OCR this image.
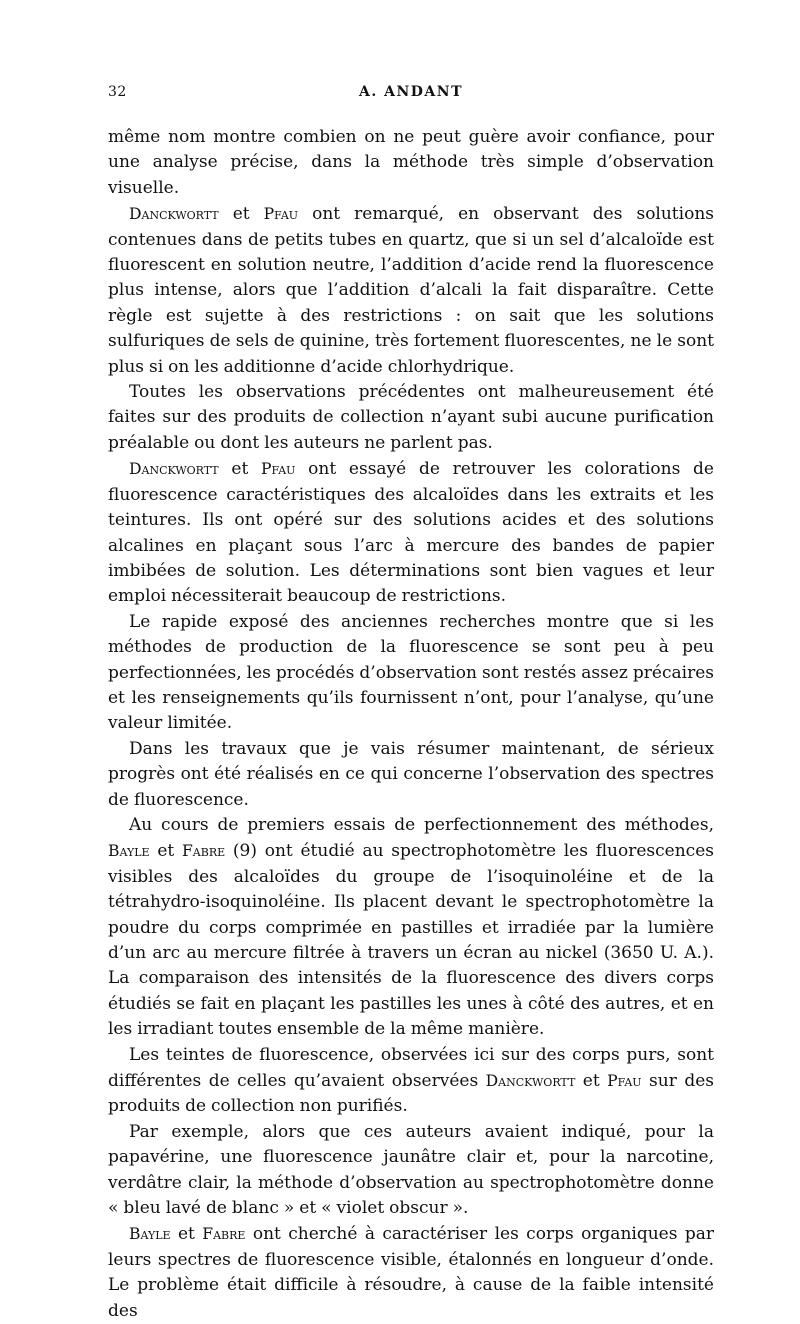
32	A. ANDANT

même nom montre combien on ne peut guère avoir confiance, pour une analyse précise, dans la méthode très simple d’observation visuelle.

Danckwortt et Pfau ont remarqué, en observant des solutions contenues dans de petits tubes en quartz, que si un sel d’alcaloïde est fluorescent en solution neutre, l’addition d’acide rend la fluorescence plus intense, alors que l’addition d’alcali la fait disparaître. Cette règle est sujette à des restrictions : on sait que les solutions sulfuriques de sels de quinine, très fortement fluorescentes, ne le sont plus si on les additionne d’acide chlorhydrique.

Toutes les observations précédentes ont malheureusement été faites sur des produits de collection n’ayant subi aucune purification préalable ou dont les auteurs ne parlent pas.

Danckwortt et Pfau ont essayé de retrouver les colorations de fluorescence caractéristiques des alcaloïdes dans les extraits et les teintures. Ils ont opéré sur des solutions acides et des solutions alcalines en plaçant sous l’arc à mercure des bandes de papier imbibées de solution. Les déterminations sont bien vagues et leur emploi nécessiterait beaucoup de restrictions.

Le rapide exposé des anciennes recherches montre que si les méthodes de production de la fluorescence se sont peu à peu perfectionnées, les procédés d’observation sont restés assez précaires et les renseignements qu’ils fournissent n’ont, pour l’analyse, qu’une valeur limitée.

Dans les travaux que je vais résumer maintenant, de sérieux progrès ont été réalisés en ce qui concerne l’observation des spectres de fluorescence.

Au cours de premiers essais de perfectionnement des méthodes, Bayle et Fabre (9) ont étudié au spectrophotomètre les fluorescences visibles des alcaloïdes du groupe de l’isoquinoléine et de la tétrahydro-isoquinoléine. Ils placent devant le spectrophotomètre la poudre du corps comprimée en pastilles et irradiée par la lumière d’un arc au mercure filtrée à travers un écran au nickel (3650 U. A.). La comparaison des intensités de la fluorescence des divers corps étudiés se fait en plaçant les pastilles les unes à côté des autres, et en les irradiant toutes ensemble de la même manière.

Les teintes de fluorescence, observées ici sur des corps purs, sont différentes de celles qu’avaient observées Danckwortt et Pfau sur des produits de collection non purifiés.

Par exemple, alors que ces auteurs avaient indiqué, pour la papavérine, une fluorescence jaunâtre clair et, pour la narcotine, verdâtre clair, la méthode d’observation au spectrophotomètre donne « bleu lavé de blanc » et « violet obscur ».

Bayle et Fabre ont cherché à caractériser les corps organiques par leurs spectres de fluorescence visible, étalonnés en longueur d’onde. Le problème était difficile à résoudre, à cause de la faible intensité des
